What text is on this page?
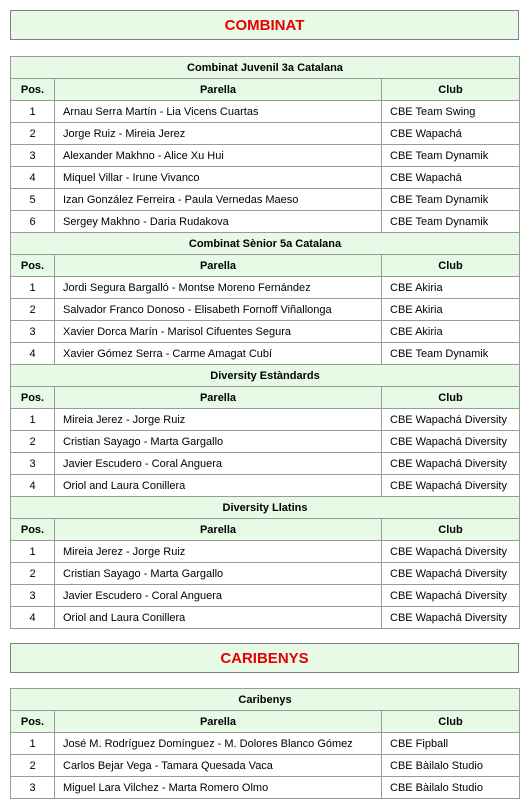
COMBINAT
Combinat Juvenil 3a Catalana		
Pos.	Parella	Club
1	Arnau Serra Martín - Lia Vicens Cuartas	CBE Team Swing
2	Jorge Ruiz - Mireia Jerez	CBE Wapachá
3	Alexander Makhno - Alice Xu Hui	CBE Team Dynamik
4	Miquel Villar - Irune Vivanco	CBE Wapachá
5	Izan González Ferreira - Paula Vernedas Maeso	CBE Team Dynamik
6	Sergey Makhno - Daria Rudakova	CBE Team Dynamik
Combinat Sènior 5a Catalana		
Pos.	Parella	Club
1	Jordi Segura Bargalló - Montse Moreno Fernández	CBE Akiria
2	Salvador Franco Donoso - Elisabeth Fornoff Viñallonga	CBE Akiria
3	Xavier Dorca Marín - Marisol Cifuentes Segura	CBE Akiria
4	Xavier Gómez Serra - Carme Amagat Cubí	CBE Team Dynamik
Diversity Estàndards		
Pos.	Parella	Club
1	Mireia Jerez - Jorge Ruiz	CBE Wapachá Diversity
2	Cristian Sayago - Marta Gargallo	CBE Wapachá Diversity
3	Javier Escudero - Coral Anguera	CBE Wapachá Diversity
4	Oriol and Laura Conillera	CBE Wapachá Diversity
Diversity Llatins		
Pos.	Parella	Club
1	Mireia Jerez - Jorge Ruiz	CBE Wapachá Diversity
2	Cristian Sayago - Marta Gargallo	CBE Wapachá Diversity
3	Javier Escudero - Coral Anguera	CBE Wapachá Diversity
4	Oriol and Laura Conillera	CBE Wapachá Diversity
CARIBENYS
Caribenys		
Pos.	Parella	Club
1	José M. Rodríguez Domínguez - M. Dolores Blanco Gómez	CBE Fipball
2	Carlos Bejar Vega - Tamara Quesada Vaca	CBE Bàilalo Studio
3	Miguel Lara Vilchez - Marta Romero Olmo	CBE Bàilalo Studio
